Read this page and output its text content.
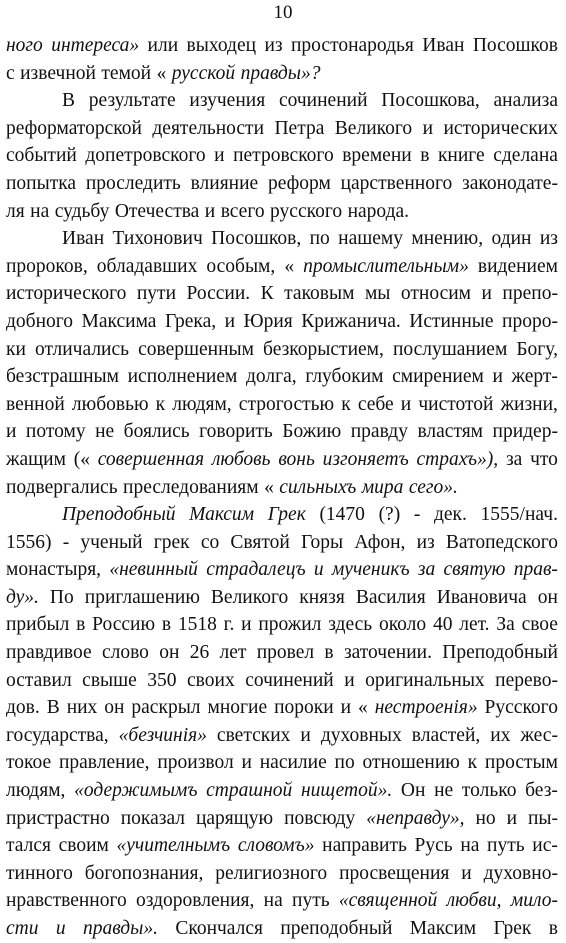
10
ного интереса» или выходец из простонародья Иван Посошков
с извечной темой « русской правды»?
В результате изучения сочинений Посошкова, анализа
реформаторской деятельности Петра Великого и исторических
событий допетровского и петровского времени в книге сделана
попытка проследить влияние реформ царственного законодате-
ля на судьбу Отечества и всего русского народа.
Иван Тихонович Посошков, по нашему мнению, один из
пророков, обладавших особым, « промыслительным» видением
исторического пути России. К таковым мы относим и препо-
добного Максима Грека, и Юрия Крижанича. Истинные проро-
ки отличались совершенным безкорыстием, послушанием Богу,
безстрашным исполнением долга, глубоким смирением и жерт-
венной любовью к людям, строгостью к себе и чистотой жизни,
и потому не боялись говорить Божию правду властям придер-
жащим (« совершенная любовь вонь изгоняетъ страхъ»), за что
подвергались преследованиям « сильныхъ мира сего».
Преподобный Максим Грек (1470 (?) - дек. 1555/нач.
1556) - ученый грек со Святой Горы Афон, из Ватопедского
монастыря, «невинный страдалецъ и мученикъ за святую прав-
ду». По приглашению Великого князя Василия Ивановича он
прибыл в Россию в 1518 г. и прожил здесь около 40 лет. За свое
правдивое слово он 26 лет провел в заточении. Преподобный
оставил свыше 350 своих сочинений и оригинальных перево-
дов. В них он раскрыл многие пороки и « нестроенія» Русского
государства, «безчинія» светских и духовных властей, их жес-
токое правление, произвол и насилие по отношению к простым
людям, «одержимымъ страшной нищетой». Он не только без-
пристрастно показал царящую повсюду «неправду», но и пы-
тался своим «учителнымъ словомъ» направить Русь на путь ис-
тинного богопознания, религиозного просвещения и духовно-
нравственного оздоровления, на путь «священной любви, мило-
сти и правды». Скончался преподобный Максим Грек в
